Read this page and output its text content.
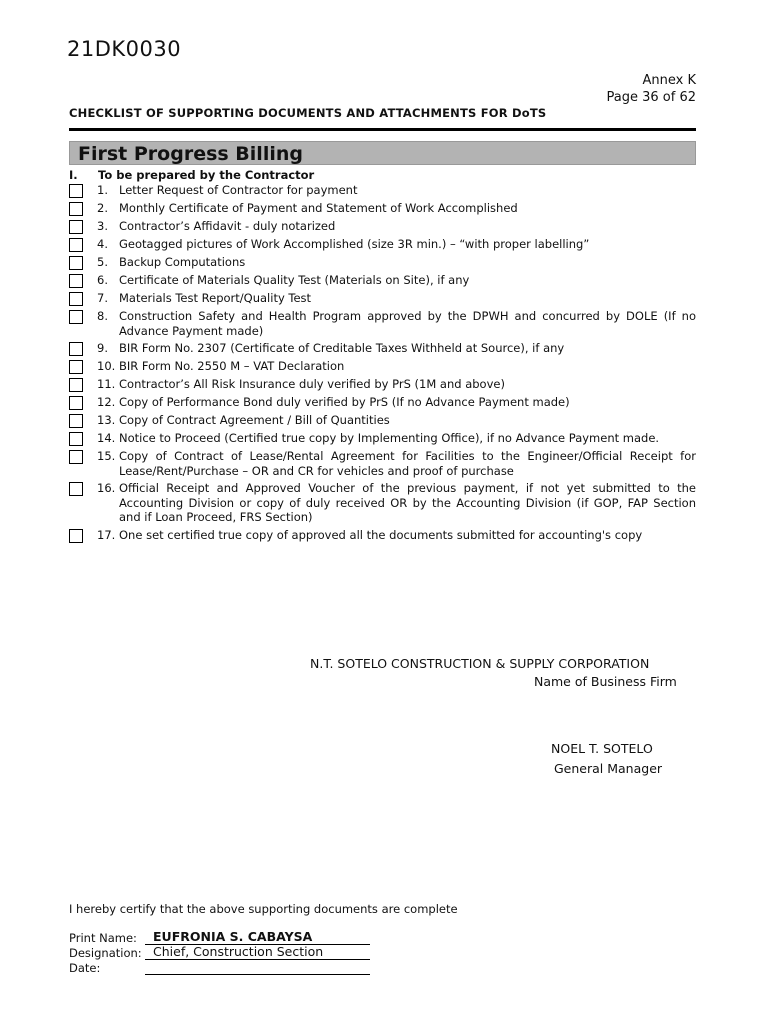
21DK0030
Annex K
Page 36 of 62
CHECKLIST OF SUPPORTING DOCUMENTS AND ATTACHMENTS FOR DoTS
First Progress Billing
I. To be prepared by the Contractor
1. Letter Request of Contractor for payment
2. Monthly Certificate of Payment and Statement of Work Accomplished
3. Contractor’s Affidavit - duly notarized
4. Geotagged pictures of Work Accomplished (size 3R min.) – “with proper labelling”
5. Backup Computations
6. Certificate of Materials Quality Test (Materials on Site), if any
7. Materials Test Report/Quality Test
8. Construction Safety and Health Program approved by the DPWH and concurred by DOLE (If no Advance Payment made)
9. BIR Form No. 2307 (Certificate of Creditable Taxes Withheld at Source), if any
10. BIR Form No. 2550 M – VAT Declaration
11. Contractor’s All Risk Insurance duly verified by PrS (1M and above)
12. Copy of Performance Bond duly verified by PrS (If no Advance Payment made)
13. Copy of Contract Agreement / Bill of Quantities
14. Notice to Proceed (Certified true copy by Implementing Office), if no Advance Payment made.
15. Copy of Contract of Lease/Rental Agreement for Facilities to the Engineer/Official Receipt for Lease/Rent/Purchase – OR and CR for vehicles and proof of purchase
16. Official Receipt and Approved Voucher of the previous payment, if not yet submitted to the Accounting Division or copy of duly received OR by the Accounting Division (if GOP, FAP Section and if Loan Proceed, FRS Section)
17. One set certified true copy of approved all the documents submitted for accounting's copy
N.T. SOTELO CONSTRUCTION & SUPPLY CORPORATION
Name of Business Firm
NOEL T. SOTELO
General Manager
I hereby certify that the above supporting documents are complete
Print Name: EUFRONIA S. CABAYSA
Designation: Chief, Construction Section
Date:
